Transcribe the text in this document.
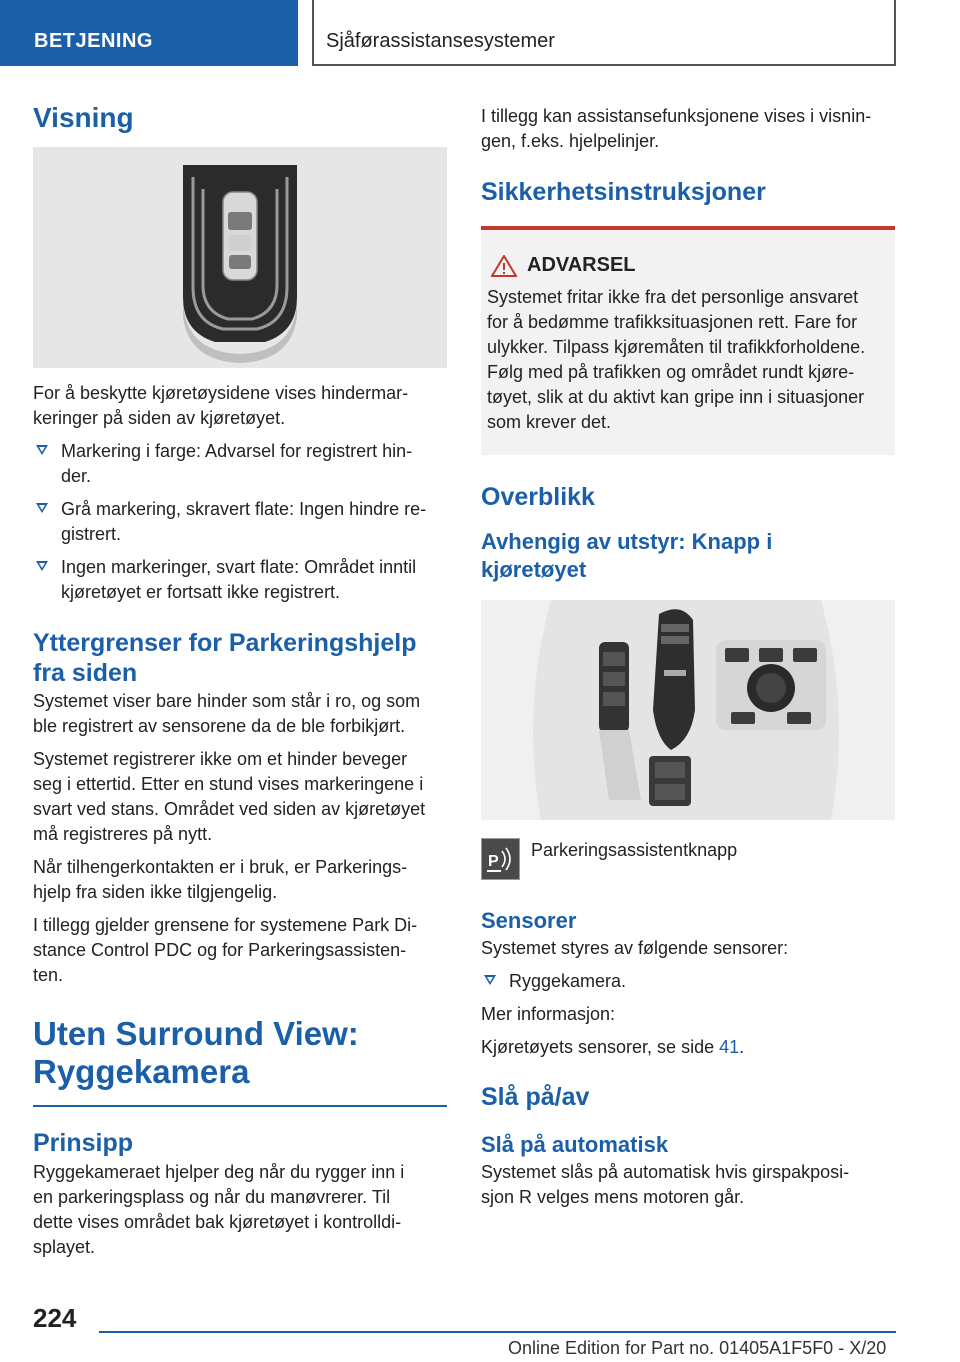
BETJENING	Sjåførassistansesystemer
Visning

For å beskytte kjøretøysidene vises hindermar-
keringer på siden av kjøretøyet.

Markering i farge: Advarsel for registrert hin-
der.
Grå markering, skravert flate: Ingen hindre re-
gistrert.
Ingen markeringer, svart flate: Området inntil
kjøretøyet er fortsatt ikke registrert.
Yttergrenser for Parkeringshjelp
fra siden

Systemet viser bare hinder som står i ro, og som
ble registrert av sensorene da de ble forbikjørt.

Systemet registrerer ikke om et hinder beveger
seg i ettertid. Etter en stund vises markeringene i
svart ved stans. Området ved siden av kjøretøyet
må registreres på nytt.

Når tilhengerkontakten er i bruk, er Parkerings-
hjelp fra siden ikke tilgjengelig.

I tillegg gjelder grensene for systemene Park Di-
stance Control PDC og for Parkeringsassisten-
ten.

Uten Surround View:
Ryggekamera
Prinsipp

Ryggekameraet hjelper deg når du rygger inn i
en parkeringsplass og når du manøvrerer. Til
dette vises området bak kjøretøyet i kontrolldi-
splayet.

I tillegg kan assistansefunksjonene vises i visnin-
gen, f.eks. hjelpelinjer.

Sikkerhetsinstruksjoner
ADVARSEL

Systemet fritar ikke fra det personlige ansvaret
for å bedømme trafikksituasjonen rett. Fare for
ulykker. Tilpass kjøremåten til trafikkforholdene.
Følg med på trafikken og området rundt kjøre-
tøyet, slik at du aktivt kan gripe inn i situasjoner
som krever det.

Overblikk
Avhengig av utstyr: Knapp i
kjøretøyet
P

Parkeringsassistentknapp

Sensorer

Systemet styres av følgende sensorer:

Ryggekamera.

Mer informasjon:

Kjøretøyets sensorer, se side 41.

Slå på/av
Slå på automatisk

Systemet slås på automatisk hvis girspakposi-
sjon R velges mens motoren går.

224
Online Edition for Part no. 01405A1F5F0 - X/20
